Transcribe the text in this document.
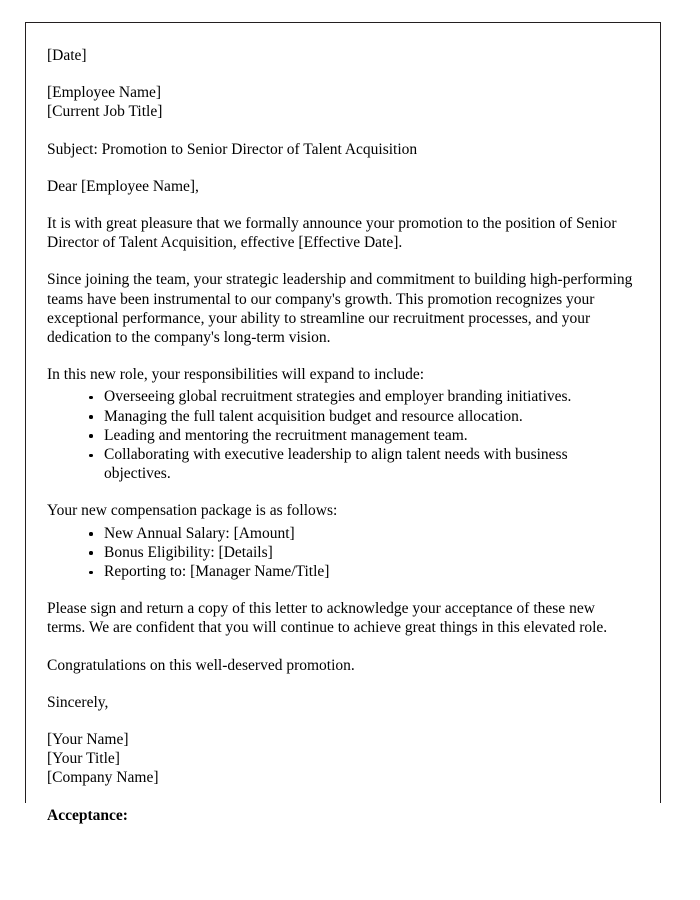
[Date]

[Employee Name]

[Current Job Title]

Subject: Promotion to Senior Director of Talent Acquisition

Dear [Employee Name],

It is with great pleasure that we formally announce your promotion to the position of Senior Director of Talent Acquisition, effective [Effective Date].

Since joining the team, your strategic leadership and commitment to building high-performing teams have been instrumental to our company's growth. This promotion recognizes your exceptional performance, your ability to streamline our recruitment processes, and your dedication to the company's long-term vision.

In this new role, your responsibilities will expand to include:

Overseeing global recruitment strategies and employer branding initiatives.
Managing the full talent acquisition budget and resource allocation.
Leading and mentoring the recruitment management team.
Collaborating with executive leadership to align talent needs with business objectives.

Your new compensation package is as follows:

New Annual Salary: [Amount]
Bonus Eligibility: [Details]
Reporting to: [Manager Name/Title]

Please sign and return a copy of this letter to acknowledge your acceptance of these new terms. We are confident that you will continue to achieve great things in this elevated role.

Congratulations on this well-deserved promotion.

Sincerely,

[Your Name]

[Your Title]

[Company Name]

Acceptance:
